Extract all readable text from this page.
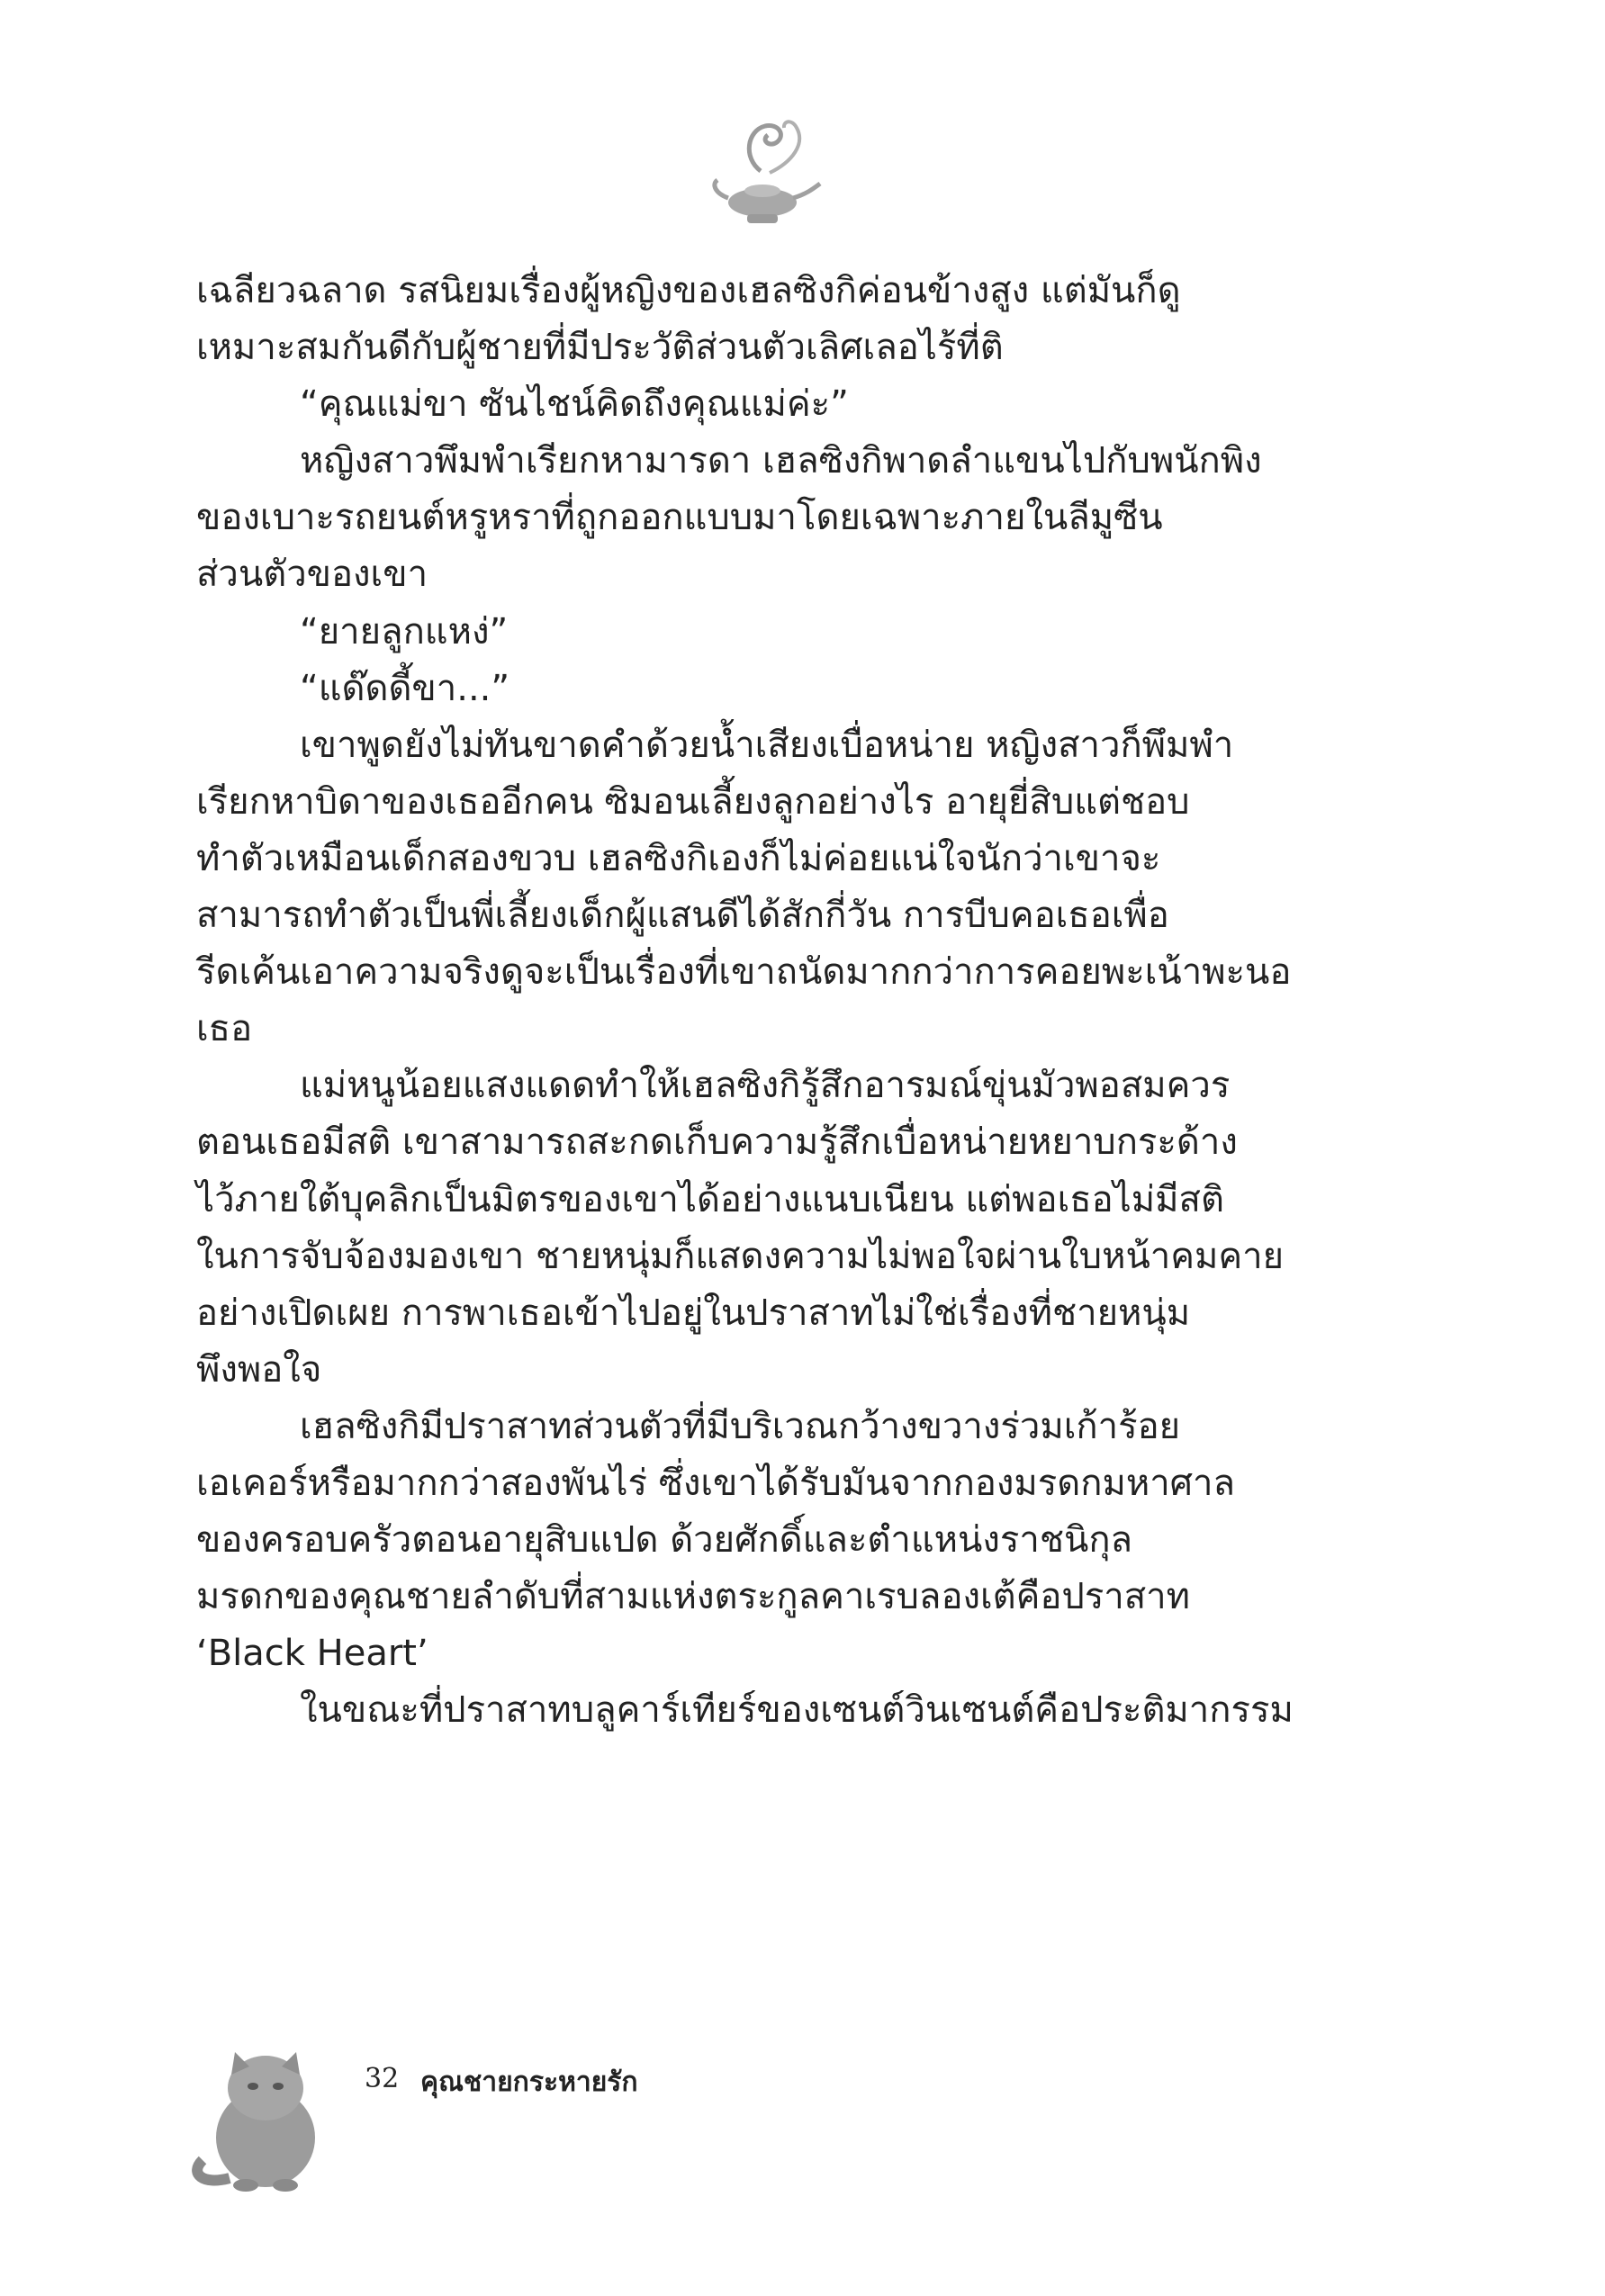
เฉลียวฉลาด รสนิยมเรื่องผู้หญิงของเฮลซิงกิค่อนข้างสูง แต่มันก็ดู
เหมาะสมกันดีกับผู้ชายที่มีประวัติส่วนตัวเลิศเลอไร้ที่ติ
“คุณแม่ขา ซันไชน์คิดถึงคุณแม่ค่ะ”
หญิงสาวพึมพำเรียกหามารดา เฮลซิงกิพาดลำแขนไปกับพนักพิง
ของเบาะรถยนต์หรูหราที่ถูกออกแบบมาโดยเฉพาะภายในลีมูซีน
ส่วนตัวของเขา
“ยายลูกแหง่”
“แด๊ดดี้ขา...”
เขาพูดยังไม่ทันขาดคำด้วยน้ำเสียงเบื่อหน่าย หญิงสาวก็พึมพำ
เรียกหาบิดาของเธออีกคน ซิมอนเลี้ยงลูกอย่างไร อายุยี่สิบแต่ชอบ
ทำตัวเหมือนเด็กสองขวบ เฮลซิงกิเองก็ไม่ค่อยแน่ใจนักว่าเขาจะ
สามารถทำตัวเป็นพี่เลี้ยงเด็กผู้แสนดีได้สักกี่วัน การบีบคอเธอเพื่อ
รีดเค้นเอาความจริงดูจะเป็นเรื่องที่เขาถนัดมากกว่าการคอยพะเน้าพะนอ
เธอ
แม่หนูน้อยแสงแดดทำให้เฮลซิงกิรู้สึกอารมณ์ขุ่นมัวพอสมควร
ตอนเธอมีสติ เขาสามารถสะกดเก็บความรู้สึกเบื่อหน่ายหยาบกระด้าง
ไว้ภายใต้บุคลิกเป็นมิตรของเขาได้อย่างแนบเนียน แต่พอเธอไม่มีสติ
ในการจับจ้องมองเขา ชายหนุ่มก็แสดงความไม่พอใจผ่านใบหน้าคมคาย
อย่างเปิดเผย การพาเธอเข้าไปอยู่ในปราสาทไม่ใช่เรื่องที่ชายหนุ่ม
พึงพอใจ
เฮลซิงกิมีปราสาทส่วนตัวที่มีบริเวณกว้างขวางร่วมเก้าร้อย
เอเคอร์หรือมากกว่าสองพันไร่ ซึ่งเขาได้รับมันจากกองมรดกมหาศาล
ของครอบครัวตอนอายุสิบแปด ด้วยศักดิ์และตำแหน่งราชนิกุล
มรดกของคุณชายลำดับที่สามแห่งตระกูลคาเรบลองเต้คือปราสาท
‘Black Heart’
ในขณะที่ปราสาทบลูคาร์เทียร์ของเซนต์วินเซนต์คือประติมากรรม
32 คุณชายกระหายรัก
